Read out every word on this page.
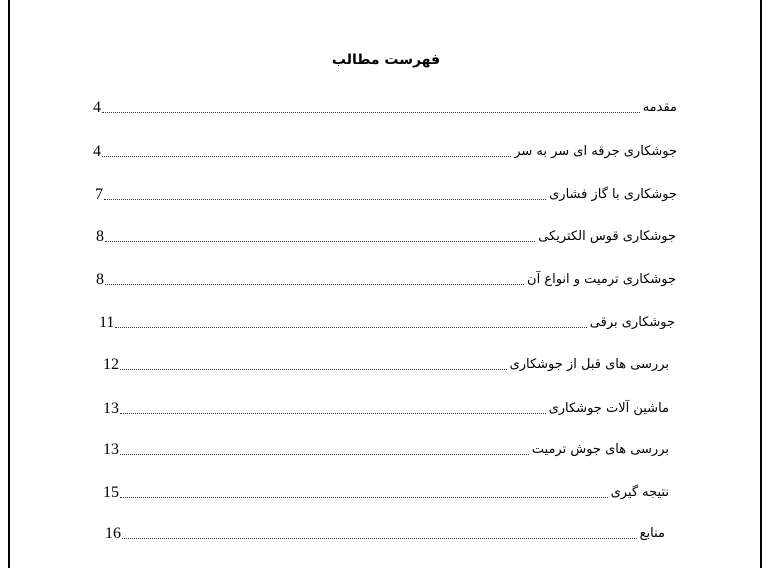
فهرست مطالب
4	مقدمه
4	جوشکاری جرقه ای سر به سر
7	جوشکاری با گاز فشاری
8	جوشکاری قوس الکتریکی
8	جوشکاری ترمیت و انواع آن
11	جوشکاری برقی
12	بررسی های قبل از جوشکاری
13	ماشین آلات جوشکاری
13	بررسی های جوش ترمیت
15	نتیجه گیری
16	منابع
